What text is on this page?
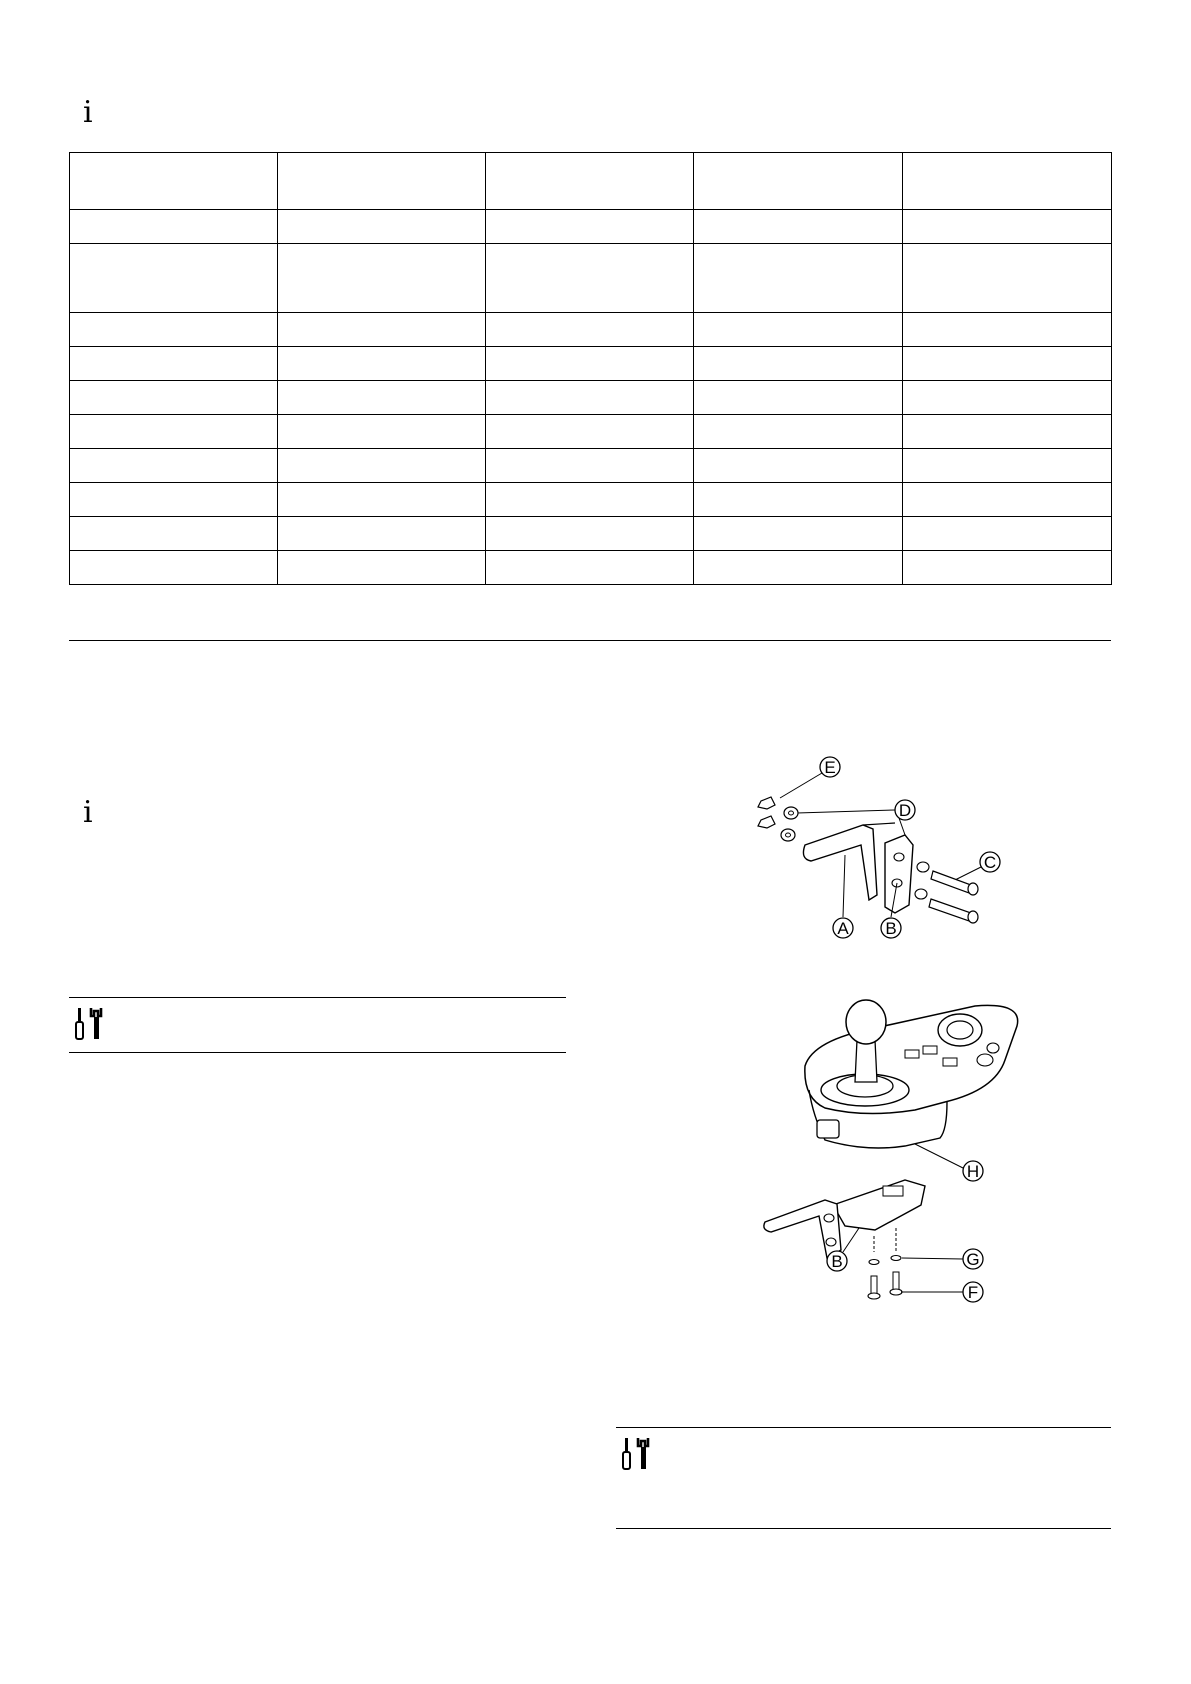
i

i
E
D
C
A B
H
B	G
F
